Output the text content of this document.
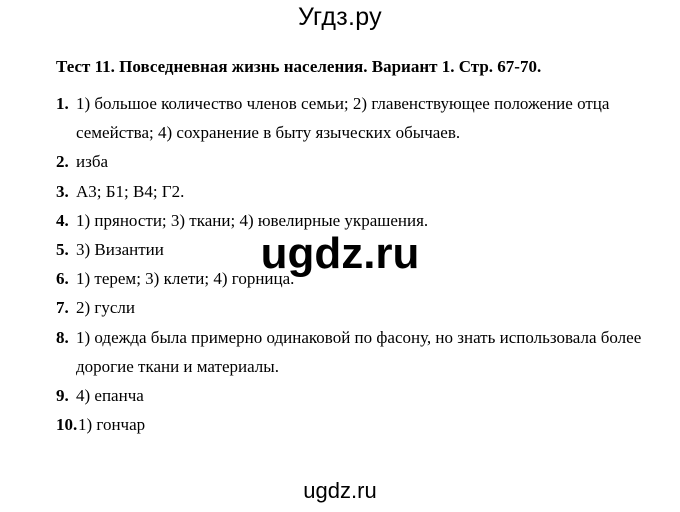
Угдз.ру
Тест 11. Повседневная жизнь населения. Вариант 1. Стр. 67-70.
1. 1) большое количество членов семьи; 2) главенствующее положение отца семейства; 4) сохранение в быту языческих обычаев.
2. изба
3. А3; Б1; В4; Г2.
4. 1) пряности; 3) ткани; 4) ювелирные украшения.
5. 3) Византии
6. 1) терем; 3) клети; 4) горница.
7. 2) гусли
8. 1) одежда была примерно одинаковой по фасону, но знать использовала более дорогие ткани и материалы.
9. 4) епанча
10. 1) гончар
ugdz.ru
ugdz.ru
